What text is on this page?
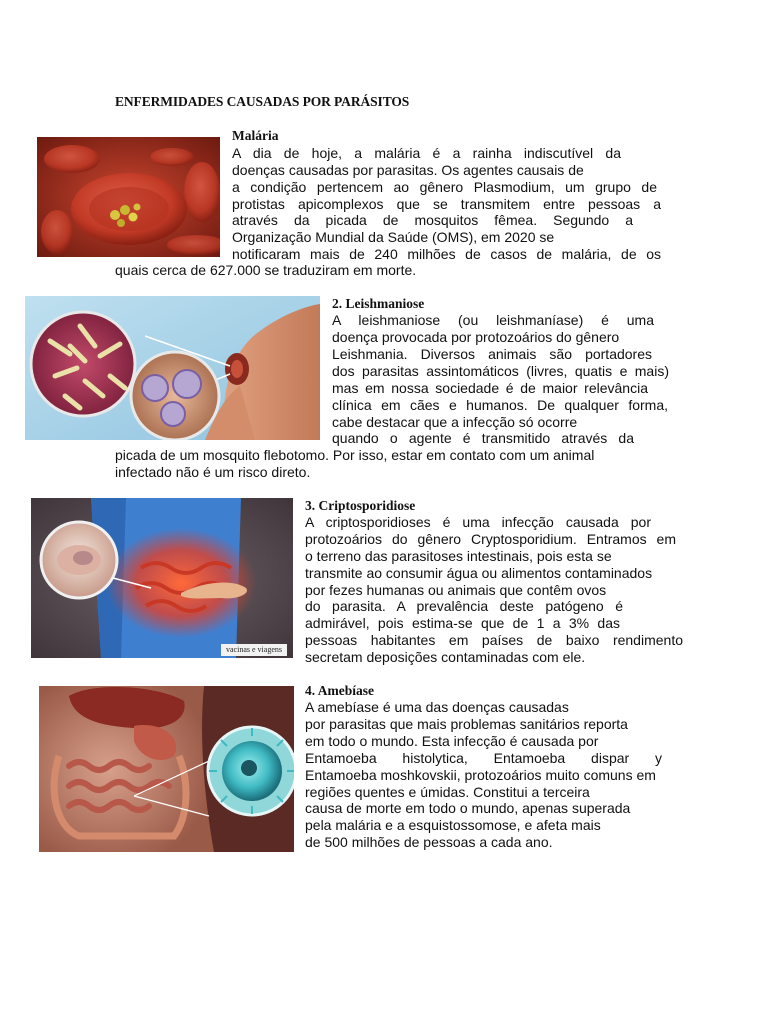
ENFERMIDADES CAUSADAS POR PARÁSITOS
Malária
A dia de hoje, a malária é a rainha indiscutível da
doenças causadas por parasitas. Os agentes causais de
a condição pertencem ao gênero Plasmodium, um grupo de
protistas apicomplexos que se transmitem entre pessoas a
através da picada de mosquitos fêmea. Segundo a
Organização Mundial da Saúde (OMS), em 2020 se
notificaram mais de 240 milhões de casos de malária, de os
quais cerca de 627.000 se traduziram em morte.
2. Leishmaniose
A leishmaniose (ou leishmaníase) é uma
doença provocada por protozoários do gênero
Leishmania. Diversos animais são portadores
dos parasitas assintomáticos (livres, quatis e mais)
mas em nossa sociedade é de maior relevância
clínica em cães e humanos. De qualquer forma,
cabe destacar que a infecção só ocorre
quando o agente é transmitido através da
picada de um mosquito flebotomo. Por isso, estar em contato com um animal
infectado não é um risco direto.
vacinas e viagens
3. Criptosporidiose
A criptosporidioses é uma infecção causada por
protozoários do gênero Cryptosporidium. Entramos em
o terreno das parasitoses intestinais, pois esta se
transmite ao consumir água ou alimentos contaminados
por fezes humanas ou animais que contêm ovos
do parasita. A prevalência deste patógeno é
admirável, pois estima-se que de 1 a 3% das
pessoas habitantes em países de baixo rendimento
secretam deposições contaminadas com ele.
4. Amebíase
A amebíase é uma das doenças causadas
por parasitas que mais problemas sanitários reporta
em todo o mundo. Esta infecção é causada por
Entamoeba histolytica, Entamoeba dispar y
Entamoeba moshkovskii, protozoários muito comuns em
regiões quentes e úmidas. Constitui a terceira
causa de morte em todo o mundo, apenas superada
pela malária e a esquistossomose, e afeta mais
de 500 milhões de pessoas a cada ano.
